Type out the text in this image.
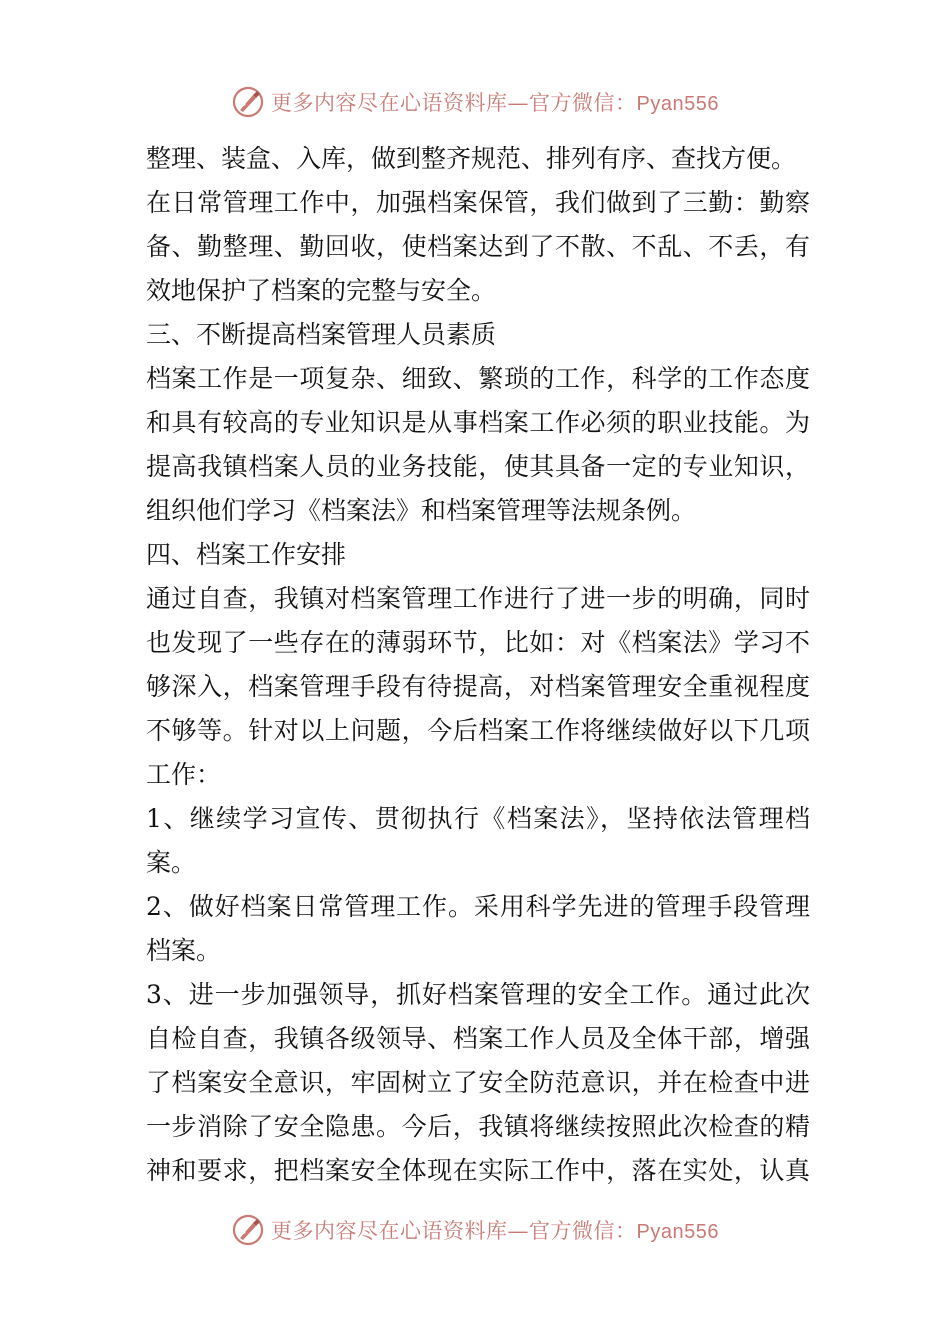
更多内容尽在心语资料库—官方微信：Pyan556
整理、装盒、入库，做到整齐规范、排列有序、查找方便。
在日常管理工作中，加强档案保管，我们做到了三勤：勤察
备、勤整理、勤回收，使档案达到了不散、不乱、不丢，有
效地保护了档案的完整与安全。
三、不断提高档案管理人员素质
档案工作是一项复杂、细致、繁琐的工作，科学的工作态度
和具有较高的专业知识是从事档案工作必须的职业技能。为
提高我镇档案人员的业务技能，使其具备一定的专业知识，
组织他们学习《档案法》和档案管理等法规条例。
四、档案工作安排
通过自查，我镇对档案管理工作进行了进一步的明确，同时
也发现了一些存在的薄弱环节，比如：对《档案法》学习不
够深入，档案管理手段有待提高，对档案管理安全重视程度
不够等。针对以上问题，今后档案工作将继续做好以下几项
工作：
1、继续学习宣传、贯彻执行《档案法》，坚持依法管理档
案。
2、做好档案日常管理工作。采用科学先进的管理手段管理
档案。
3、进一步加强领导，抓好档案管理的安全工作。通过此次
自检自查，我镇各级领导、档案工作人员及全体干部，增强
了档案安全意识，牢固树立了安全防范意识，并在检查中进
一步消除了安全隐患。今后，我镇将继续按照此次检查的精
神和要求，把档案安全体现在实际工作中，落在实处，认真
更多内容尽在心语资料库—官方微信：Pyan556
